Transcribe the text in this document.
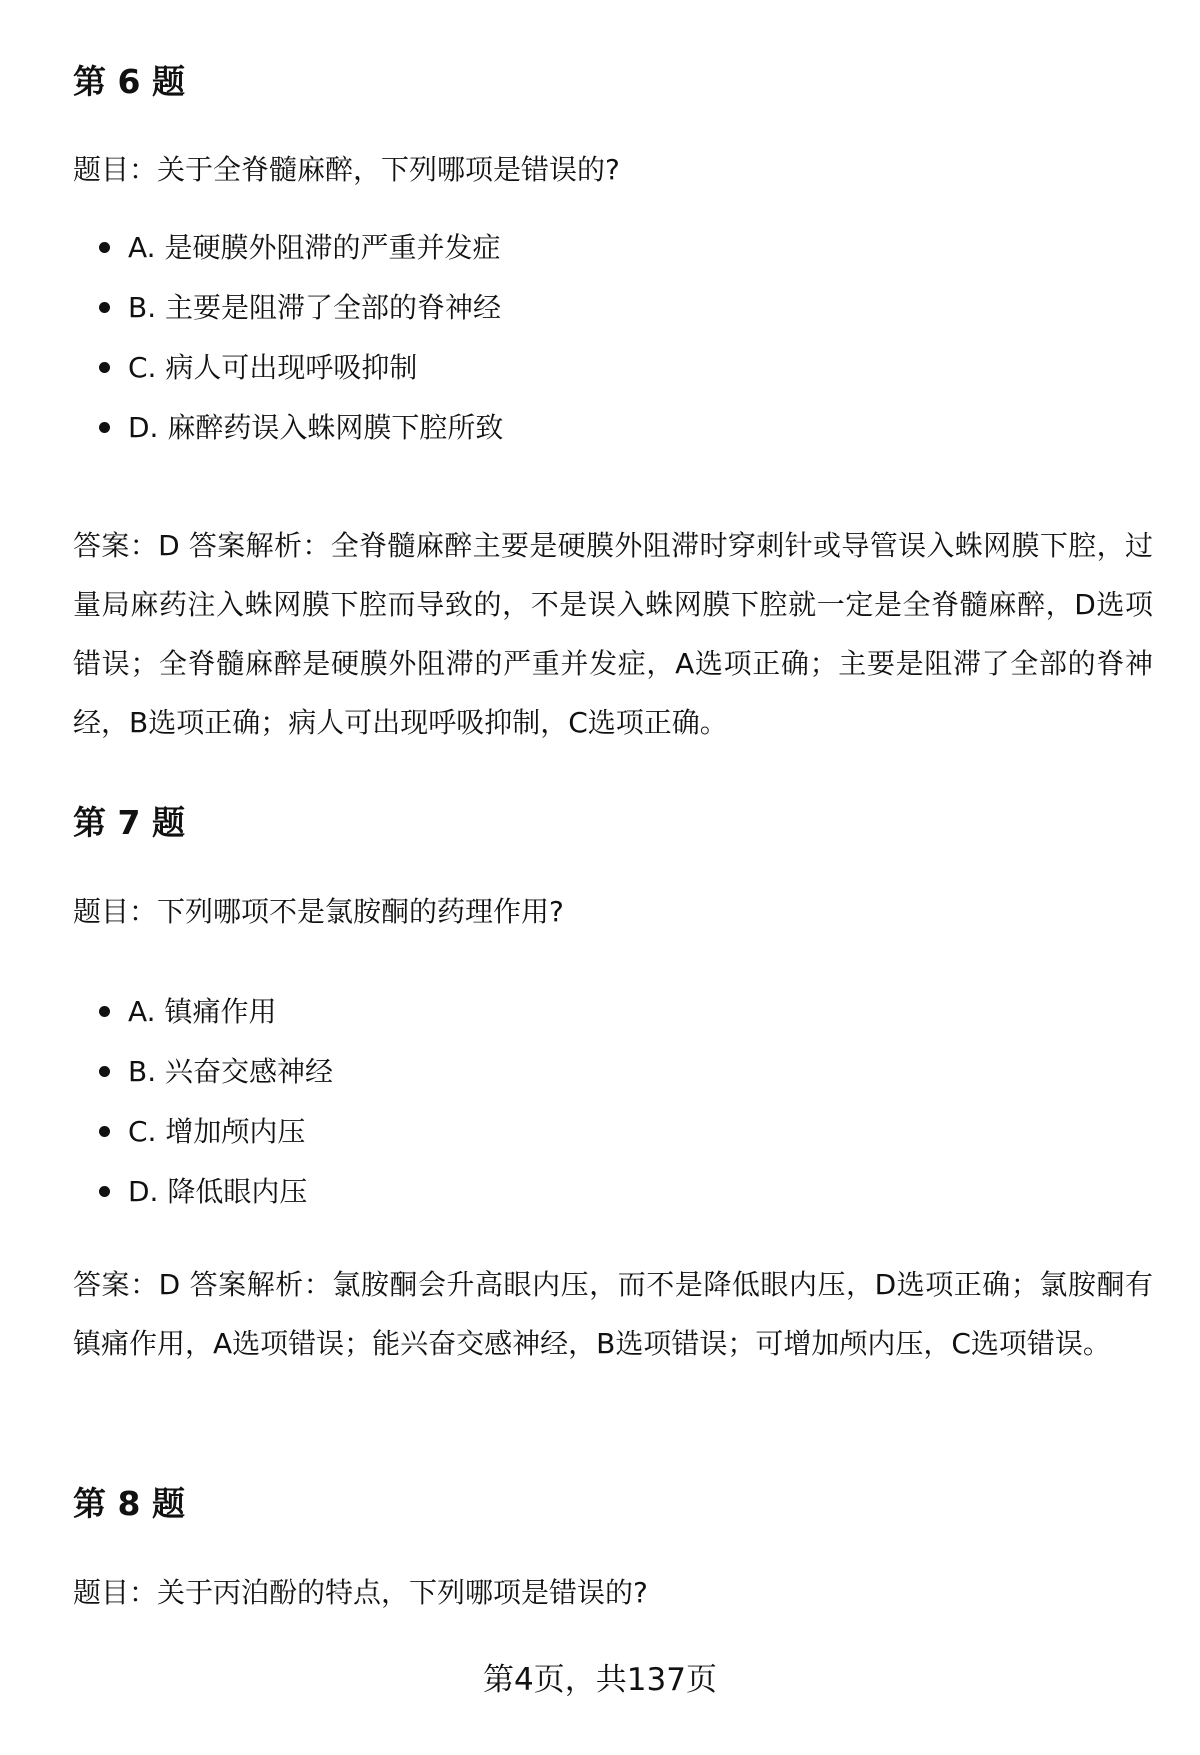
第 6 题

题目：关于全脊髓麻醉，下列哪项是错误的?

A. 是硬膜外阻滞的严重并发症
B. 主要是阻滞了全部的脊神经
C. 病人可出现呼吸抑制
D. 麻醉药误入蛛网膜下腔所致

答案：D 答案解析：全脊髓麻醉主要是硬膜外阻滞时穿刺针或导管误入蛛网膜下腔，过量局麻药注入蛛网膜下腔而导致的，不是误入蛛网膜下腔就一定是全脊髓麻醉，D选项错误；全脊髓麻醉是硬膜外阻滞的严重并发症，A选项正确；主要是阻滞了全部的脊神经，B选项正确；病人可出现呼吸抑制，C选项正确。

第 7 题

题目：下列哪项不是氯胺酮的药理作用?

A. 镇痛作用
B. 兴奋交感神经
C. 增加颅内压
D. 降低眼内压

答案：D 答案解析：氯胺酮会升高眼内压，而不是降低眼内压，D选项正确；氯胺酮有镇痛作用，A选项错误；能兴奋交感神经，B选项错误；可增加颅内压，C选项错误。

第 8 题

题目：关于丙泊酚的特点，下列哪项是错误的?

第4页，共137页
